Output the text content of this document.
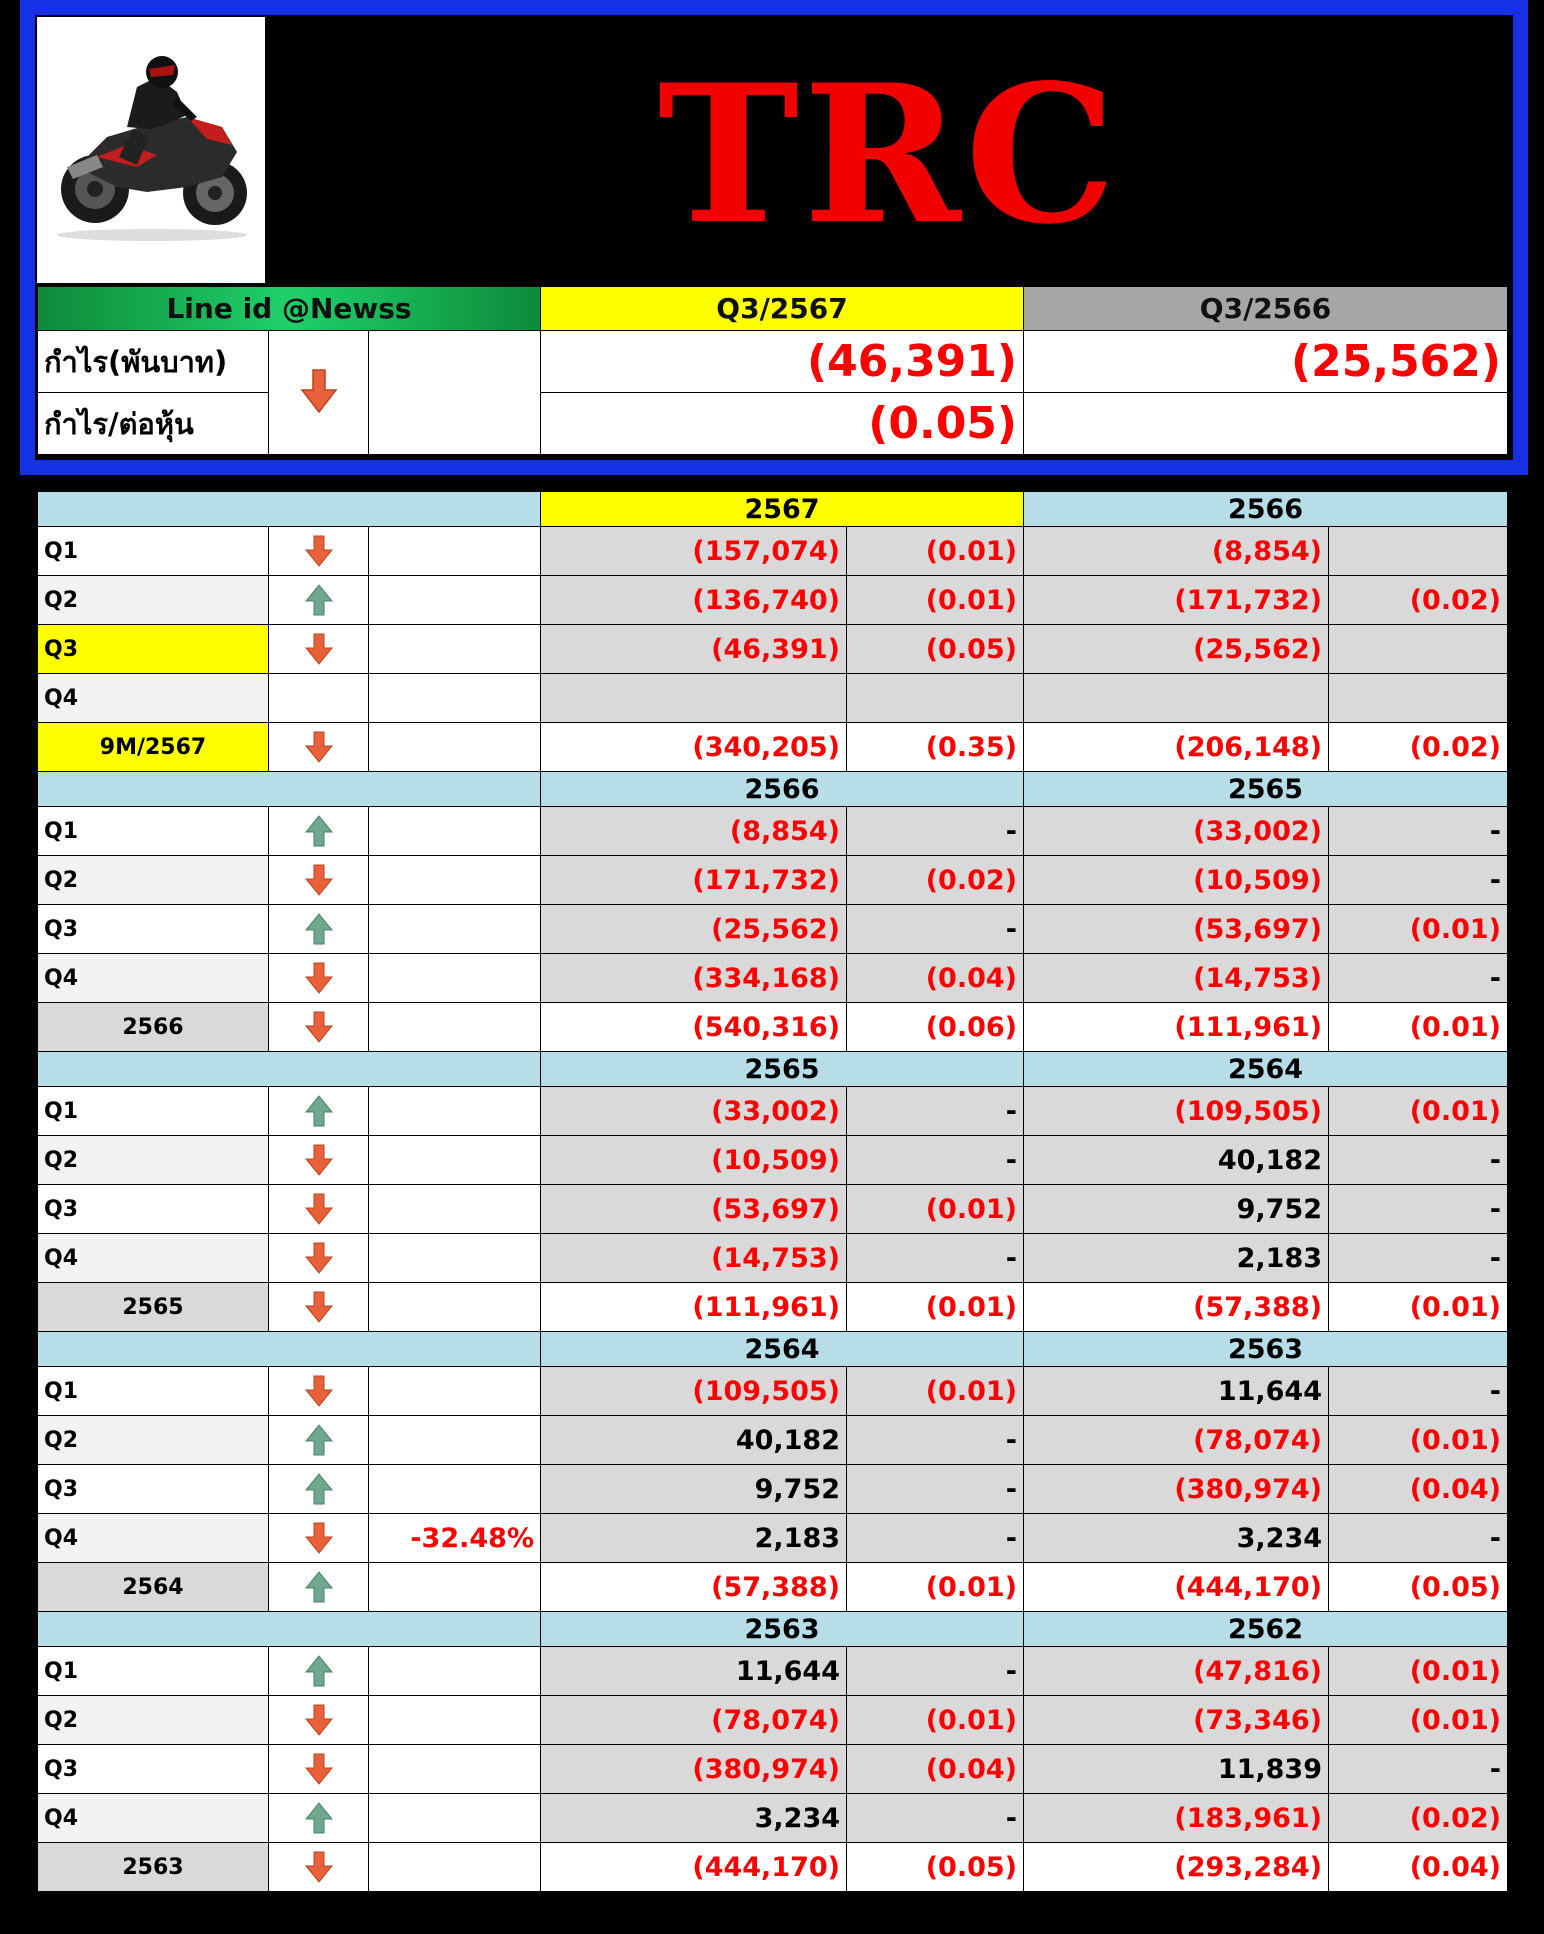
TRC
Line id @Newss			Q3/2567	Q3/2566
กำไร(พันบาท)			(46,391)	(25,562)
กำไร/ต่อหุ้น			(0.05)	
			2567		2566	
Q1			(157,074)	(0.01)	(8,854)	
Q2			(136,740)	(0.01)	(171,732)	(0.02)
Q3			(46,391)	(0.05)	(25,562)	
Q4						
9M/2567			(340,205)	(0.35)	(206,148)	(0.02)
			2566		2565	
Q1			(8,854)	-	(33,002)	-
Q2			(171,732)	(0.02)	(10,509)	-
Q3			(25,562)	-	(53,697)	(0.01)
Q4			(334,168)	(0.04)	(14,753)	-
2566			(540,316)	(0.06)	(111,961)	(0.01)
			2565		2564	
Q1			(33,002)	-	(109,505)	(0.01)
Q2			(10,509)	-	40,182	-
Q3			(53,697)	(0.01)	9,752	-
Q4			(14,753)	-	2,183	-
2565			(111,961)	(0.01)	(57,388)	(0.01)
			2564		2563	
Q1			(109,505)	(0.01)	11,644	-
Q2			40,182	-	(78,074)	(0.01)
Q3			9,752	-	(380,974)	(0.04)
Q4		-32.48%	2,183	-	3,234	-
2564			(57,388)	(0.01)	(444,170)	(0.05)
			2563		2562	
Q1			11,644	-	(47,816)	(0.01)
Q2			(78,074)	(0.01)	(73,346)	(0.01)
Q3			(380,974)	(0.04)	11,839	-
Q4			3,234	-	(183,961)	(0.02)
2563			(444,170)	(0.05)	(293,284)	(0.04)
